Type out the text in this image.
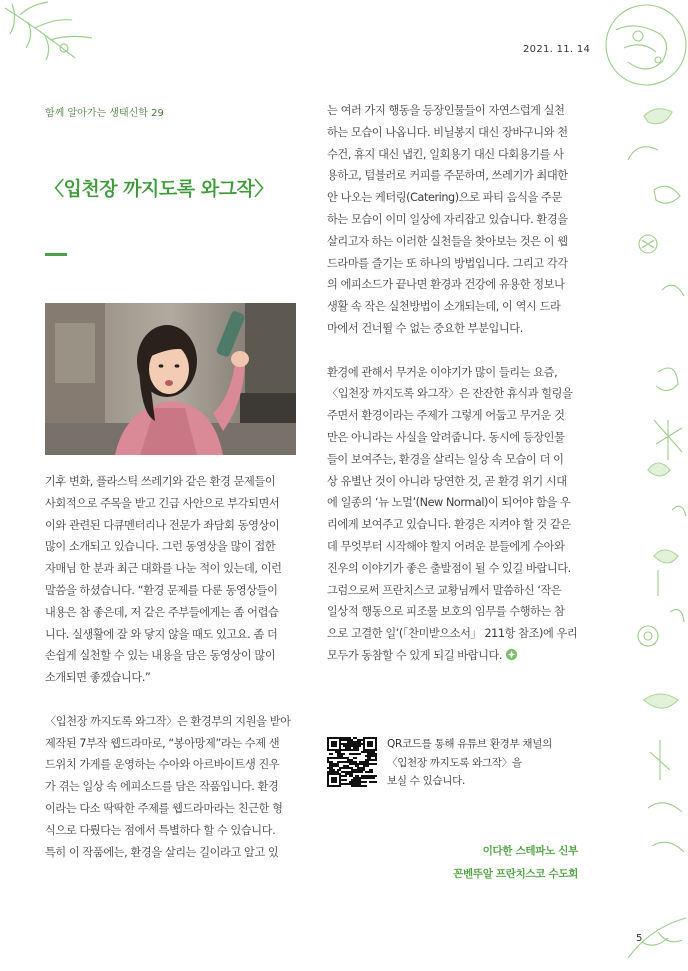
2021. 11. 14
함께 알아가는 생태신학 29
〈입천장 까지도록 와그작〉

기후 변화, 플라스틱 쓰레기와 같은 환경 문제들이
사회적으로 주목을 받고 긴급 사안으로 부각되면서
이와 관련된 다큐멘터리나 전문가 좌담회 동영상이
많이 소개되고 있습니다. 그런 동영상을 많이 접한
자매님 한 분과 최근 대화를 나눈 적이 있는데, 이런
말씀을 하셨습니다. “환경 문제를 다룬 동영상들이
내용은 참 좋은데, 저 같은 주부들에게는 좀 어렵습
니다. 실생활에 잘 와 닿지 않을 때도 있고요. 좀 더
손쉽게 실천할 수 있는 내용을 담은 동영상이 많이
소개되면 좋겠습니다.”

〈입천장 까지도록 와그작〉은 환경부의 지원을 받아
제작된 7부작 웹드라마로, “봉아망제”라는 수제 샌
드위치 가게를 운영하는 수아와 아르바이트생 진우
가 겪는 일상 속 에피소드를 담은 작품입니다. 환경
이라는 다소 딱딱한 주제를 웹드라마라는 친근한 형
식으로 다뤘다는 점에서 특별하다 할 수 있습니다.
특히 이 작품에는, 환경을 살리는 길이라고 알고 있

는 여러 가지 행동을 등장인물들이 자연스럽게 실천
하는 모습이 나옵니다. 비닐봉지 대신 장바구니와 천
수건, 휴지 대신 냅킨, 일회용기 대신 다회용기를 사
용하고, 텀블러로 커피를 주문하며, 쓰레기가 최대한
안 나오는 케터링(Catering)으로 파티 음식을 주문
하는 모습이 이미 일상에 자리잡고 있습니다. 환경을
살리고자 하는 이러한 실천들을 찾아보는 것은 이 웹
드라마를 즐기는 또 하나의 방법입니다. 그리고 각각
의 에피소드가 끝나면 환경과 건강에 유용한 정보나
생활 속 작은 실천방법이 소개되는데, 이 역시 드라
마에서 건너뛸 수 없는 중요한 부분입니다.

환경에 관해서 무거운 이야기가 많이 들리는 요즘,
〈입천장 까지도록 와그작〉은 잔잔한 휴식과 힐링을
주면서 환경이라는 주제가 그렇게 어둡고 무거운 것
만은 아니라는 사실을 알려줍니다. 동시에 등장인물
들이 보여주는, 환경을 살리는 일상 속 모습이 더 이
상 유별난 것이 아니라 당연한 것, 곧 환경 위기 시대
에 일종의 ‘뉴 노멀’(New Normal)이 되어야 함을 우
리에게 보여주고 있습니다. 환경은 지켜야 할 것 같은
데 무엇부터 시작해야 할지 어려운 분들에게 수아와
진우의 이야기가 좋은 출발점이 될 수 있길 바랍니다.
그럼으로써 프란치스코 교황님께서 말씀하신 ‘작은
일상적 행동으로 피조물 보호의 임무를 수행하는 참
으로 고결한 일’(「찬미받으소서」 211항 참조)에 우리
모두가 동참할 수 있게 되길 바랍니다.

QR코드를 통해 유튜브 환경부 채널의
〈입천장 까지도록 와그작〉을
보실 수 있습니다.
이다한 스테파노 신부
꼰벤뚜알 프란치스코 수도회
5
